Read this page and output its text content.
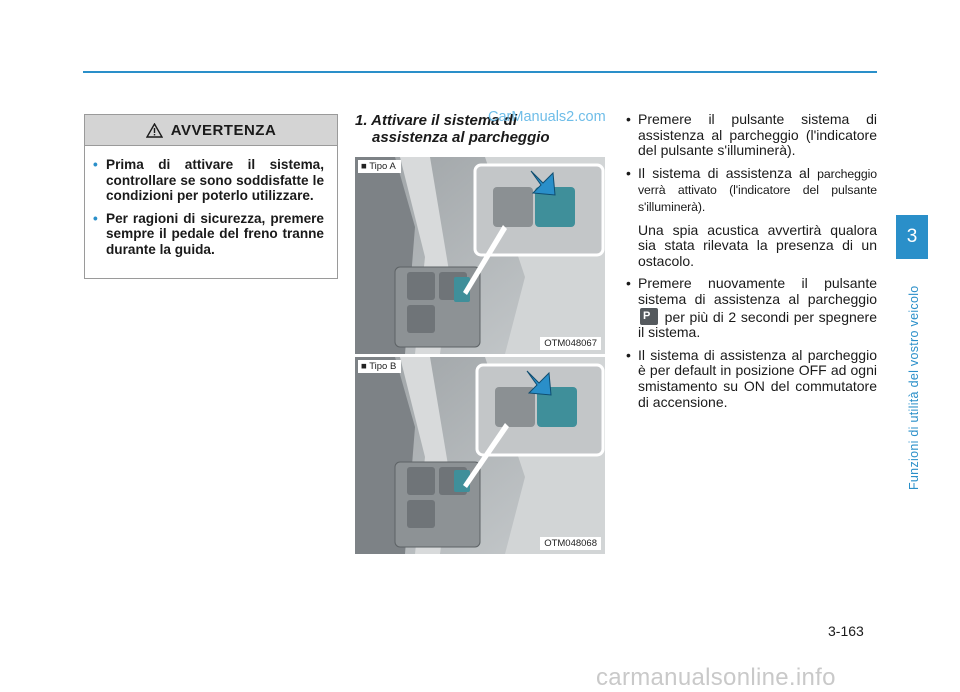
AVVERTENZA
• Prima di attivare il sistema, controllare se sono soddisfatte le condizioni per poterlo utilizzare.
• Per ragioni di sicurezza, premere sempre il pedale del freno tranne durante la guida.
1. Attivare il sistema di
assistenza al parcheggio
CarManuals2.com
■ Tipo A
OTM048067
■ Tipo B
OTM048068
• Premere il pulsante sistema di assistenza al parcheggio (l'indicatore del pulsante s'illuminerà).
• Il sistema di assistenza al parcheggio verrà attivato (l'indicatore del pulsante s'illuminerà).
Una spia acustica avvertirà qualora sia stata rilevata la presenza di un ostacolo.
• Premere nuovamente il pulsante sistema di assistenza al parcheggio
P per più di 2 secondi per spegnere il sistema.
• Il sistema di assistenza al parcheggio è per default in posizione OFF ad ogni smistamento su ON del commutatore di accensione.
3
Funzioni di utilità del vostro veicolo
3-163
carmanualsonline.info
